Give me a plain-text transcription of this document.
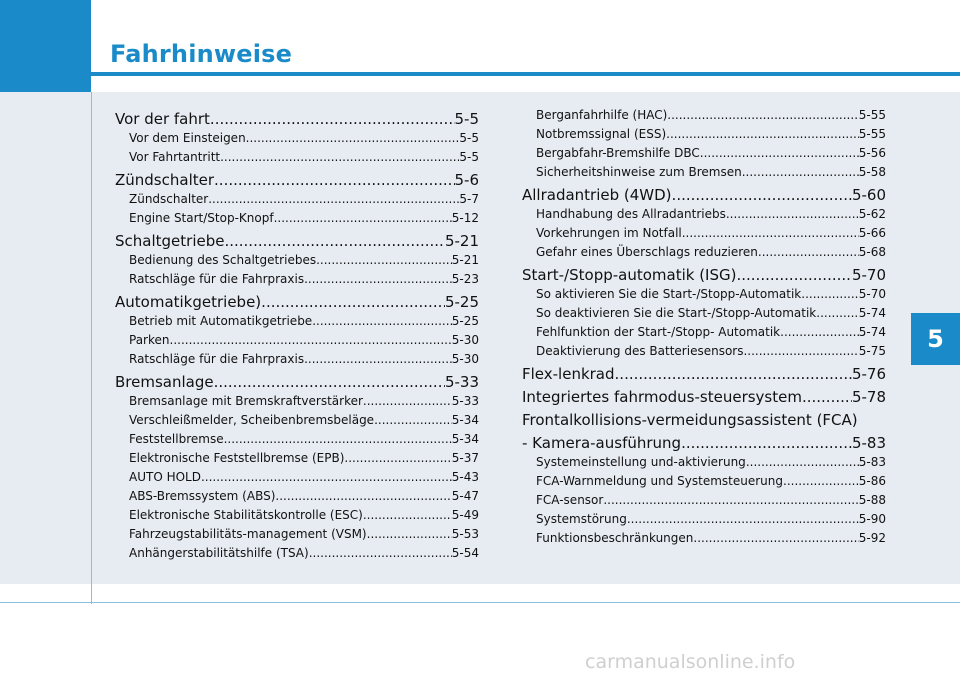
Fahrhinweise
5
Vor der fahrt .....	5-5
Vor dem Einsteigen .....	5-5
Vor Fahrtantritt .....	5-5
Zündschalter .....	5-6
Zündschalter .....	5-7
Engine Start/Stop-Knopf .....	5-12
Schaltgetriebe .....	5-21
Bedienung des Schaltgetriebes .....	5-21
Ratschläge für die Fahrpraxis .....	5-23
Automatikgetriebe) .....	5-25
Betrieb mit Automatikgetriebe .....	5-25
Parken .....	5-30
Ratschläge für die Fahrpraxis .....	5-30
Bremsanlage .....	5-33
Bremsanlage mit Bremskraftverstärker .....	5-33
Verschleißmelder, Scheibenbremsbeläge .....	5-34
Feststellbremse .....	5-34
Elektronische Feststellbremse (EPB) .....	5-37
AUTO HOLD .....	5-43
ABS-Bremssystem (ABS) .....	5-47
Elektronische Stabilitätskontrolle (ESC) .....	5-49
Fahrzeugstabilitäts-management (VSM) .....	5-53
Anhängerstabilitätshilfe (TSA) .....	5-54
Berganfahrhilfe (HAC) .....	5-55
Notbremssignal (ESS) .....	5-55
Bergabfahr-Bremshilfe DBC .....	5-56
Sicherheitshinweise zum Bremsen .....	5-58
Allradantrieb (4WD) .....	5-60
Handhabung des Allradantriebs .....	5-62
Vorkehrungen im Notfall .....	5-66
Gefahr eines Überschlags reduzieren .....	5-68
Start-/Stopp-automatik (ISG) .....	5-70
So aktivieren Sie die Start-/Stopp-Automatik .....	5-70
So deaktivieren Sie die Start-/Stopp-Automatik .....	5-74
Fehlfunktion der Start-/Stopp- Automatik .....	5-74
Deaktivierung des Batteriesensors .....	5-75
Flex-lenkrad .....	5-76
Integriertes fahrmodus-steuersystem .....	5-78
Frontalkollisions-vermeidungsassistent (FCA)
- Kamera-ausführung .....	5-83
Systemeinstellung und-aktivierung .....	5-83
FCA-Warnmeldung und Systemsteuerung .....	5-86
FCA-sensor .....	5-88
Systemstörung .....	5-90
Funktionsbeschränkungen .....	5-92
carmanualsonline.info
